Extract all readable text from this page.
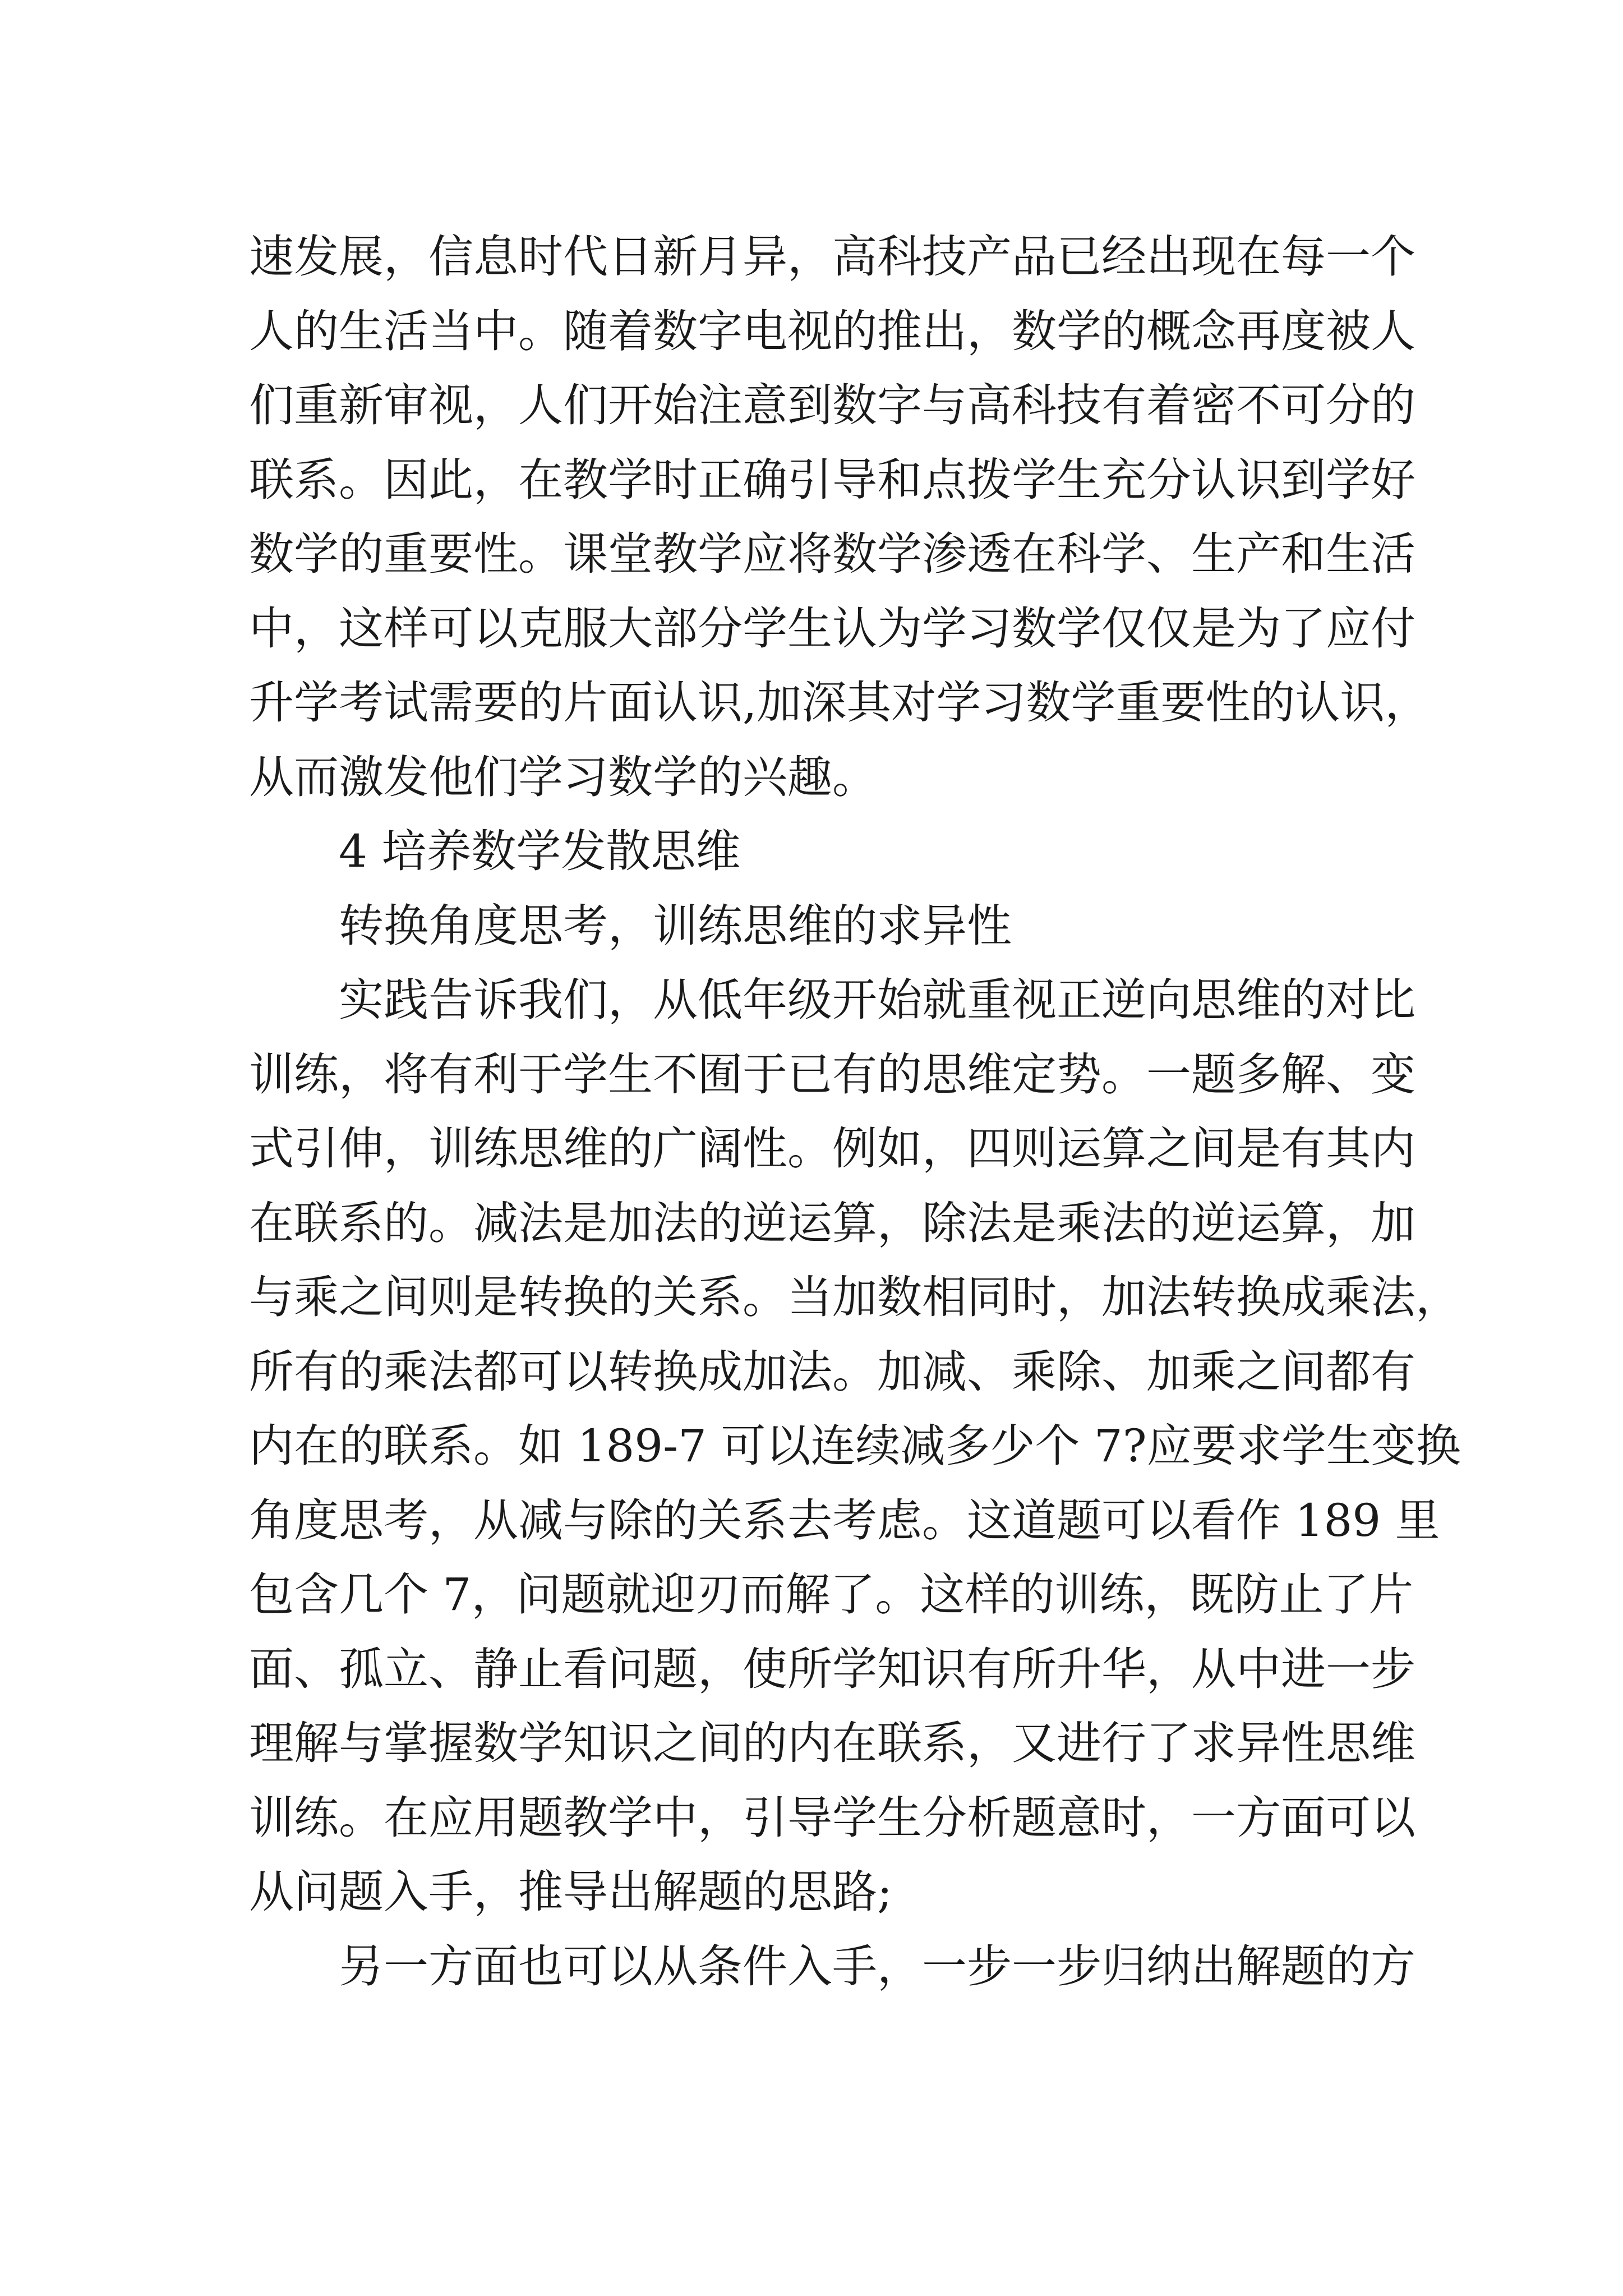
速发展，信息时代日新月异，高科技产品已经出现在每一个
人的生活当中。随着数字电视的推出，数学的概念再度被人
们重新审视，人们开始注意到数字与高科技有着密不可分的
联系。因此，在教学时正确引导和点拨学生充分认识到学好
数学的重要性。课堂教学应将数学渗透在科学、生产和生活
中，这样可以克服大部分学生认为学习数学仅仅是为了应付
升学考试需要的片面认识,加深其对学习数学重要性的认识，
从而激发他们学习数学的兴趣。
4 培养数学发散思维
转换角度思考，训练思维的求异性
实践告诉我们，从低年级开始就重视正逆向思维的对比
训练，将有利于学生不囿于已有的思维定势。一题多解、变
式引伸，训练思维的广阔性。例如，四则运算之间是有其内
在联系的。减法是加法的逆运算，除法是乘法的逆运算，加
与乘之间则是转换的关系。当加数相同时，加法转换成乘法，
所有的乘法都可以转换成加法。加减、乘除、加乘之间都有
内在的联系。如 189-7 可以连续减多少个 7?应要求学生变换
角度思考，从减与除的关系去考虑。这道题可以看作 189 里
包含几个 7，问题就迎刃而解了。这样的训练，既防止了片
面、孤立、静止看问题，使所学知识有所升华，从中进一步
理解与掌握数学知识之间的内在联系，又进行了求异性思维
训练。在应用题教学中，引导学生分析题意时，一方面可以
从问题入手，推导出解题的思路;
另一方面也可以从条件入手，一步一步归纳出解题的方
